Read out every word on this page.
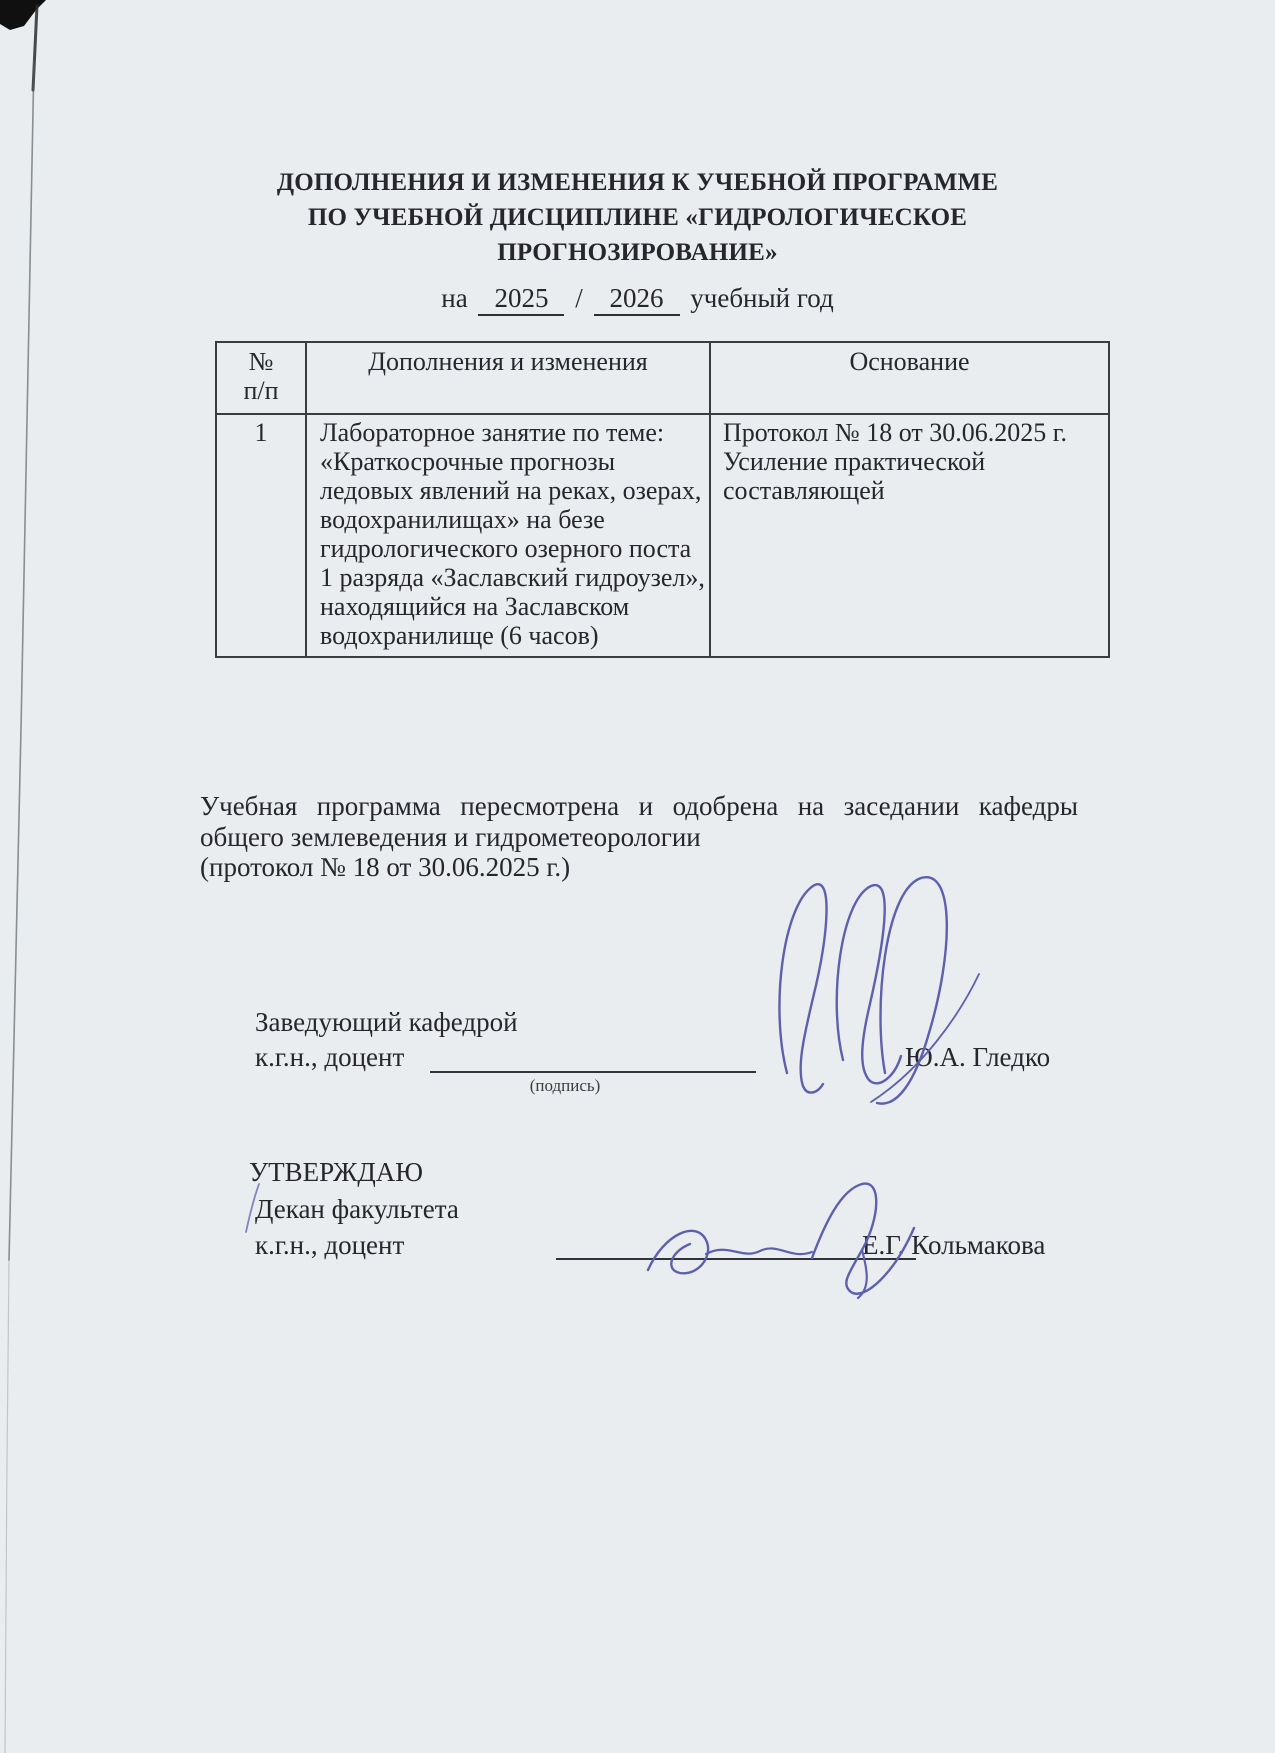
ДОПОЛНЕНИЯ И ИЗМЕНЕНИЯ К УЧЕБНОЙ ПРОГРАММЕ
ПО УЧЕБНОЙ ДИСЦИПЛИНЕ «ГИДРОЛОГИЧЕСКОЕ
ПРОГНОЗИРОВАНИЕ»
на 2025 / 2026 учебный год
№
п/п	Дополнения и изменения	Основание
1	Лабораторное занятие по теме: «Краткосрочные прогнозы ледовых явлений на реках, озерах, водохранилищах» на безе гидрологического озерного поста 1 разряда «Заславский гидроузел», находящийся на Заславском водохранилище (6 часов)	Протокол № 18 от 30.06.2025 г. Усиление практической составляющей
Учебная программа пересмотрена и одобрена на заседании кафедры общего землеведения и гидрометеорологии
(протокол № 18 от 30.06.2025 г.)
Заведующий кафедрой
к.г.н., доцент
(подпись)
Ю.А. Гледко
УТВЕРЖДАЮ
Декан факультета
к.г.н., доцент	Е.Г. Кольмакова
